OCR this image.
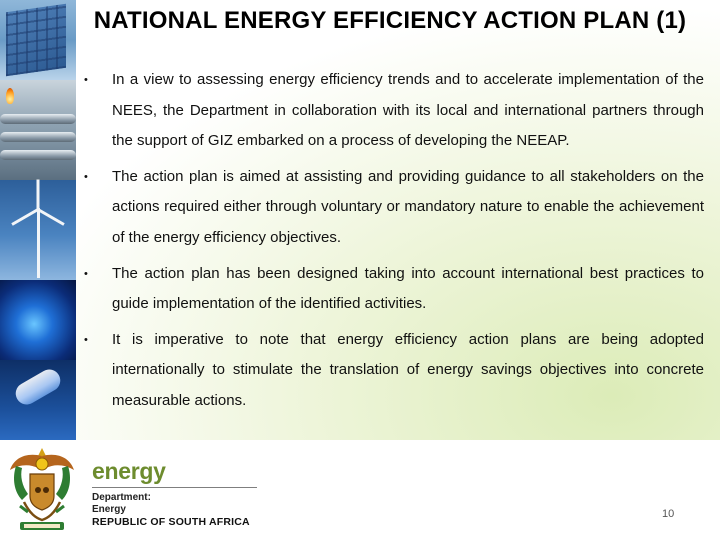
NATIONAL ENERGY EFFICIENCY ACTION PLAN (1)
• In a view to assessing energy efficiency trends and to accelerate implementation of the NEES, the Department in collaboration with its local and international partners through the support of GIZ embarked on a process of developing the NEEAP.
• The action plan is aimed at assisting and providing guidance to all stakeholders on the actions required either through voluntary or mandatory nature to enable the achievement of the energy efficiency objectives.
• The action plan has been designed taking into account international best practices to guide implementation of the identified activities.
• It is imperative to note that energy efficiency action plans are being adopted internationally to stimulate the translation of energy savings objectives into concrete measurable actions.
energy
Department:
Energy
REPUBLIC OF SOUTH AFRICA
10
